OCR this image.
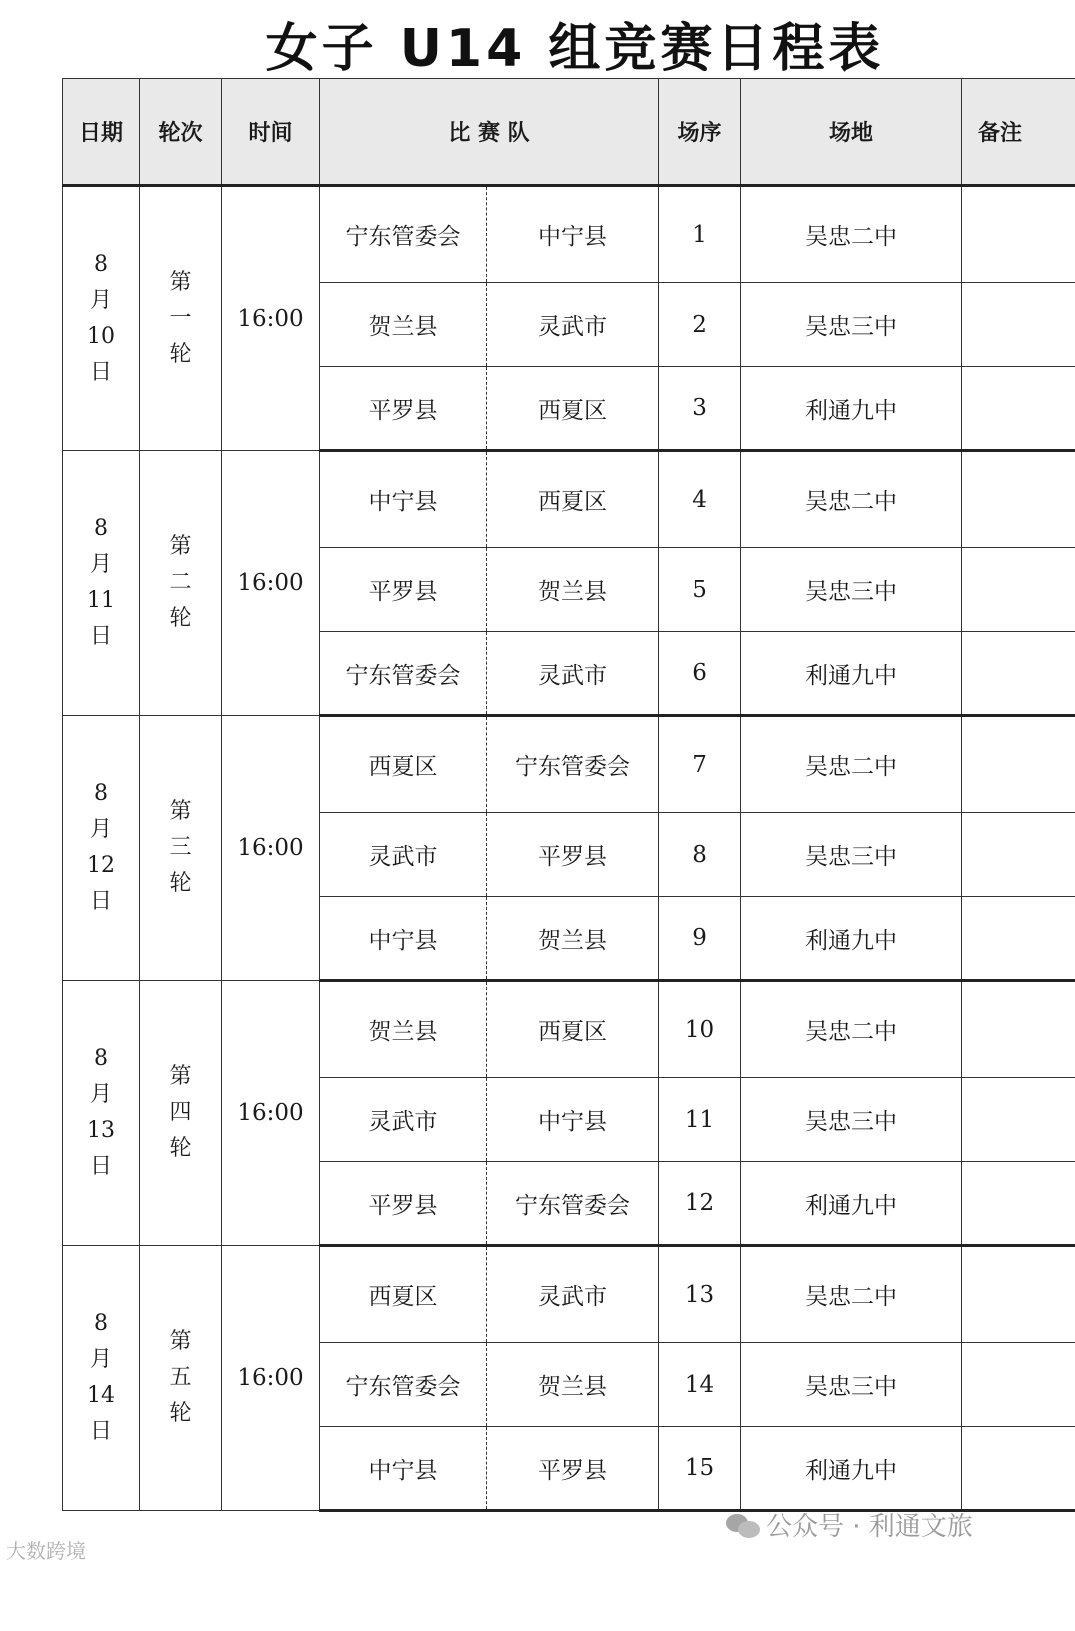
女子 U14 组竞赛日程表
日期	轮次	时间	比 赛 队		场序	场地	备注
8月10日	第一轮	16:00	宁东管委会	中宁县	1	吴忠二中	
			贺兰县	灵武市	2	吴忠三中	
			平罗县	西夏区	3	利通九中	
8月11日	第二轮	16:00	中宁县	西夏区	4	吴忠二中	
			平罗县	贺兰县	5	吴忠三中	
			宁东管委会	灵武市	6	利通九中	
8月12日	第三轮	16:00	西夏区	宁东管委会	7	吴忠二中	
			灵武市	平罗县	8	吴忠三中	
			中宁县	贺兰县	9	利通九中	
8月13日	第四轮	16:00	贺兰县	西夏区	10	吴忠二中	
			灵武市	中宁县	11	吴忠三中	
			平罗县	宁东管委会	12	利通九中	
8月14日	第五轮	16:00	西夏区	灵武市	13	吴忠二中	
			宁东管委会	贺兰县	14	吴忠三中	
			中宁县	平罗县	15	利通九中	
公众号 · 利通文旅
大数跨境
